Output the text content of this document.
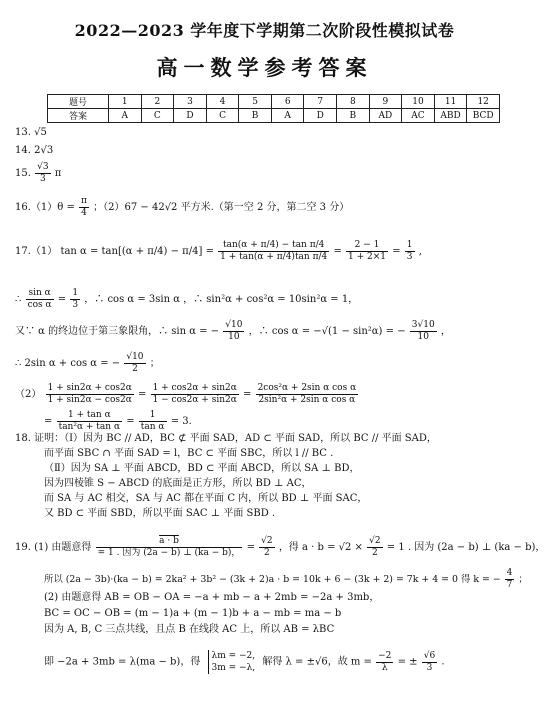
2022—2023 学年度下学期第二次阶段性模拟试卷
高一数学参考答案
题号	1	2	3	4	5	6	7	8	9	10	11	12
答案	A	C	D	C	B	A	D	B	AD	AC	ABD	BCD
13. √5
14. 2√3
15. $\frac{√3}{3}$ π
$16.(1)\theta = \frac{\pi}{4}$ ；（2）67 − 42√2 平方米.（第一空 2 分，第二空 3 分）
17.（1） $\tan \alpha = \tan[(\alpha + \pi/4) - \pi/4] = \frac{\text{tan(α + π/4) − tan π/4}}{\text{1 + tan(α + π/4)tan π/4}} = \frac{2 - 1}{1 + 2\times 1} = \frac{1}{3}$ ,
∴ $\frac{\text{sin α}}{\text{cos α}} = \frac{1}{3}$ ，∴ cos α = 3sin α ，∴ sin²α + cos²α = 10sin²α = 1，
又∵ α 的终边位于第三象限角，∴ sin α = − $\frac{√10}{10}$ ，∴ cos α = −√(1 − sin²α) = − $\frac{3√10}{10}$ ，
∴ 2sin α + cos α = − $\frac{√10}{2}$ ；
$(2) \frac{1 + \sin 2\alpha + \cos 2\alpha}{1 + \sin 2\alpha - \cos 2\alpha} = \frac{1 + \cos 2\alpha + \sin 2\alpha}{1 - \cos 2\alpha + \sin 2\alpha} = \frac{\text{2cos²α + 2sin α cos α}}{\text{2sin²α + 2sin α cos α}}$
= $\frac{\text{1 + tan α}}{\text{tan²α + tan α}} = \frac{1}{\text{tan α}} = 3$.
18. 证明：（Ⅰ）因为 BC // AD，BC ⊄ 平面 SAD，AD ⊂ 平面 SAD，所以 BC // 平面 SAD，
而平面 SBC ∩ 平面 SAD = l，BC ⊂ 平面 SBC，所以 l // BC .
（Ⅱ）因为 SA ⊥ 平面 ABCD，BD ⊂ 平面 ABCD，所以 SA ⊥ BD，
因为四棱锥 S − ABCD 的底面是正方形，所以 BD ⊥ AC，
而 SA 与 AC 相交，SA 与 AC 都在平面 C 内，所以 BD ⊥ 平面 SAC，
又 BD ⊂ 平面 SBD，所以平面 SAC ⊥ 平面 SBD .
19. (1) 由题意得 $\frac{a \cdot b}{\text{= 1 . 因为 (2a − b) ⊥ (ka − b)，}} = \frac{√2}{2}$ ，得 $a \cdot b = √2 \times \frac{√2}{2} = 1$ . 因为 (2a − b) ⊥ (ka − b)，
所以 (2a − 3b)·(ka − b) = 2ka² + 3b² − (3k + 2)a · b = 10k + 6 − (3k + 2) = 7k + 4 = 0 得 k = − $\frac{4}{7}$ ；
(2) 由题意得 AB = OB − OA = −a + mb − a + 2mb = −2a + 3mb，
BC = OC − OB = (m − 1)a + (m − 1)b + a − mb = ma − b
因为 A, B, C 三点共线，且点 B 在线段 AC 上，所以 AB = λBC
即 −2a + 3mb = λ(ma − b)，得
λm = −2,
3m = −λ,
解得 λ = ±√6，故 $m = \frac{-2}{\lambda}$ = ± $\frac{√6}{3}$ .
